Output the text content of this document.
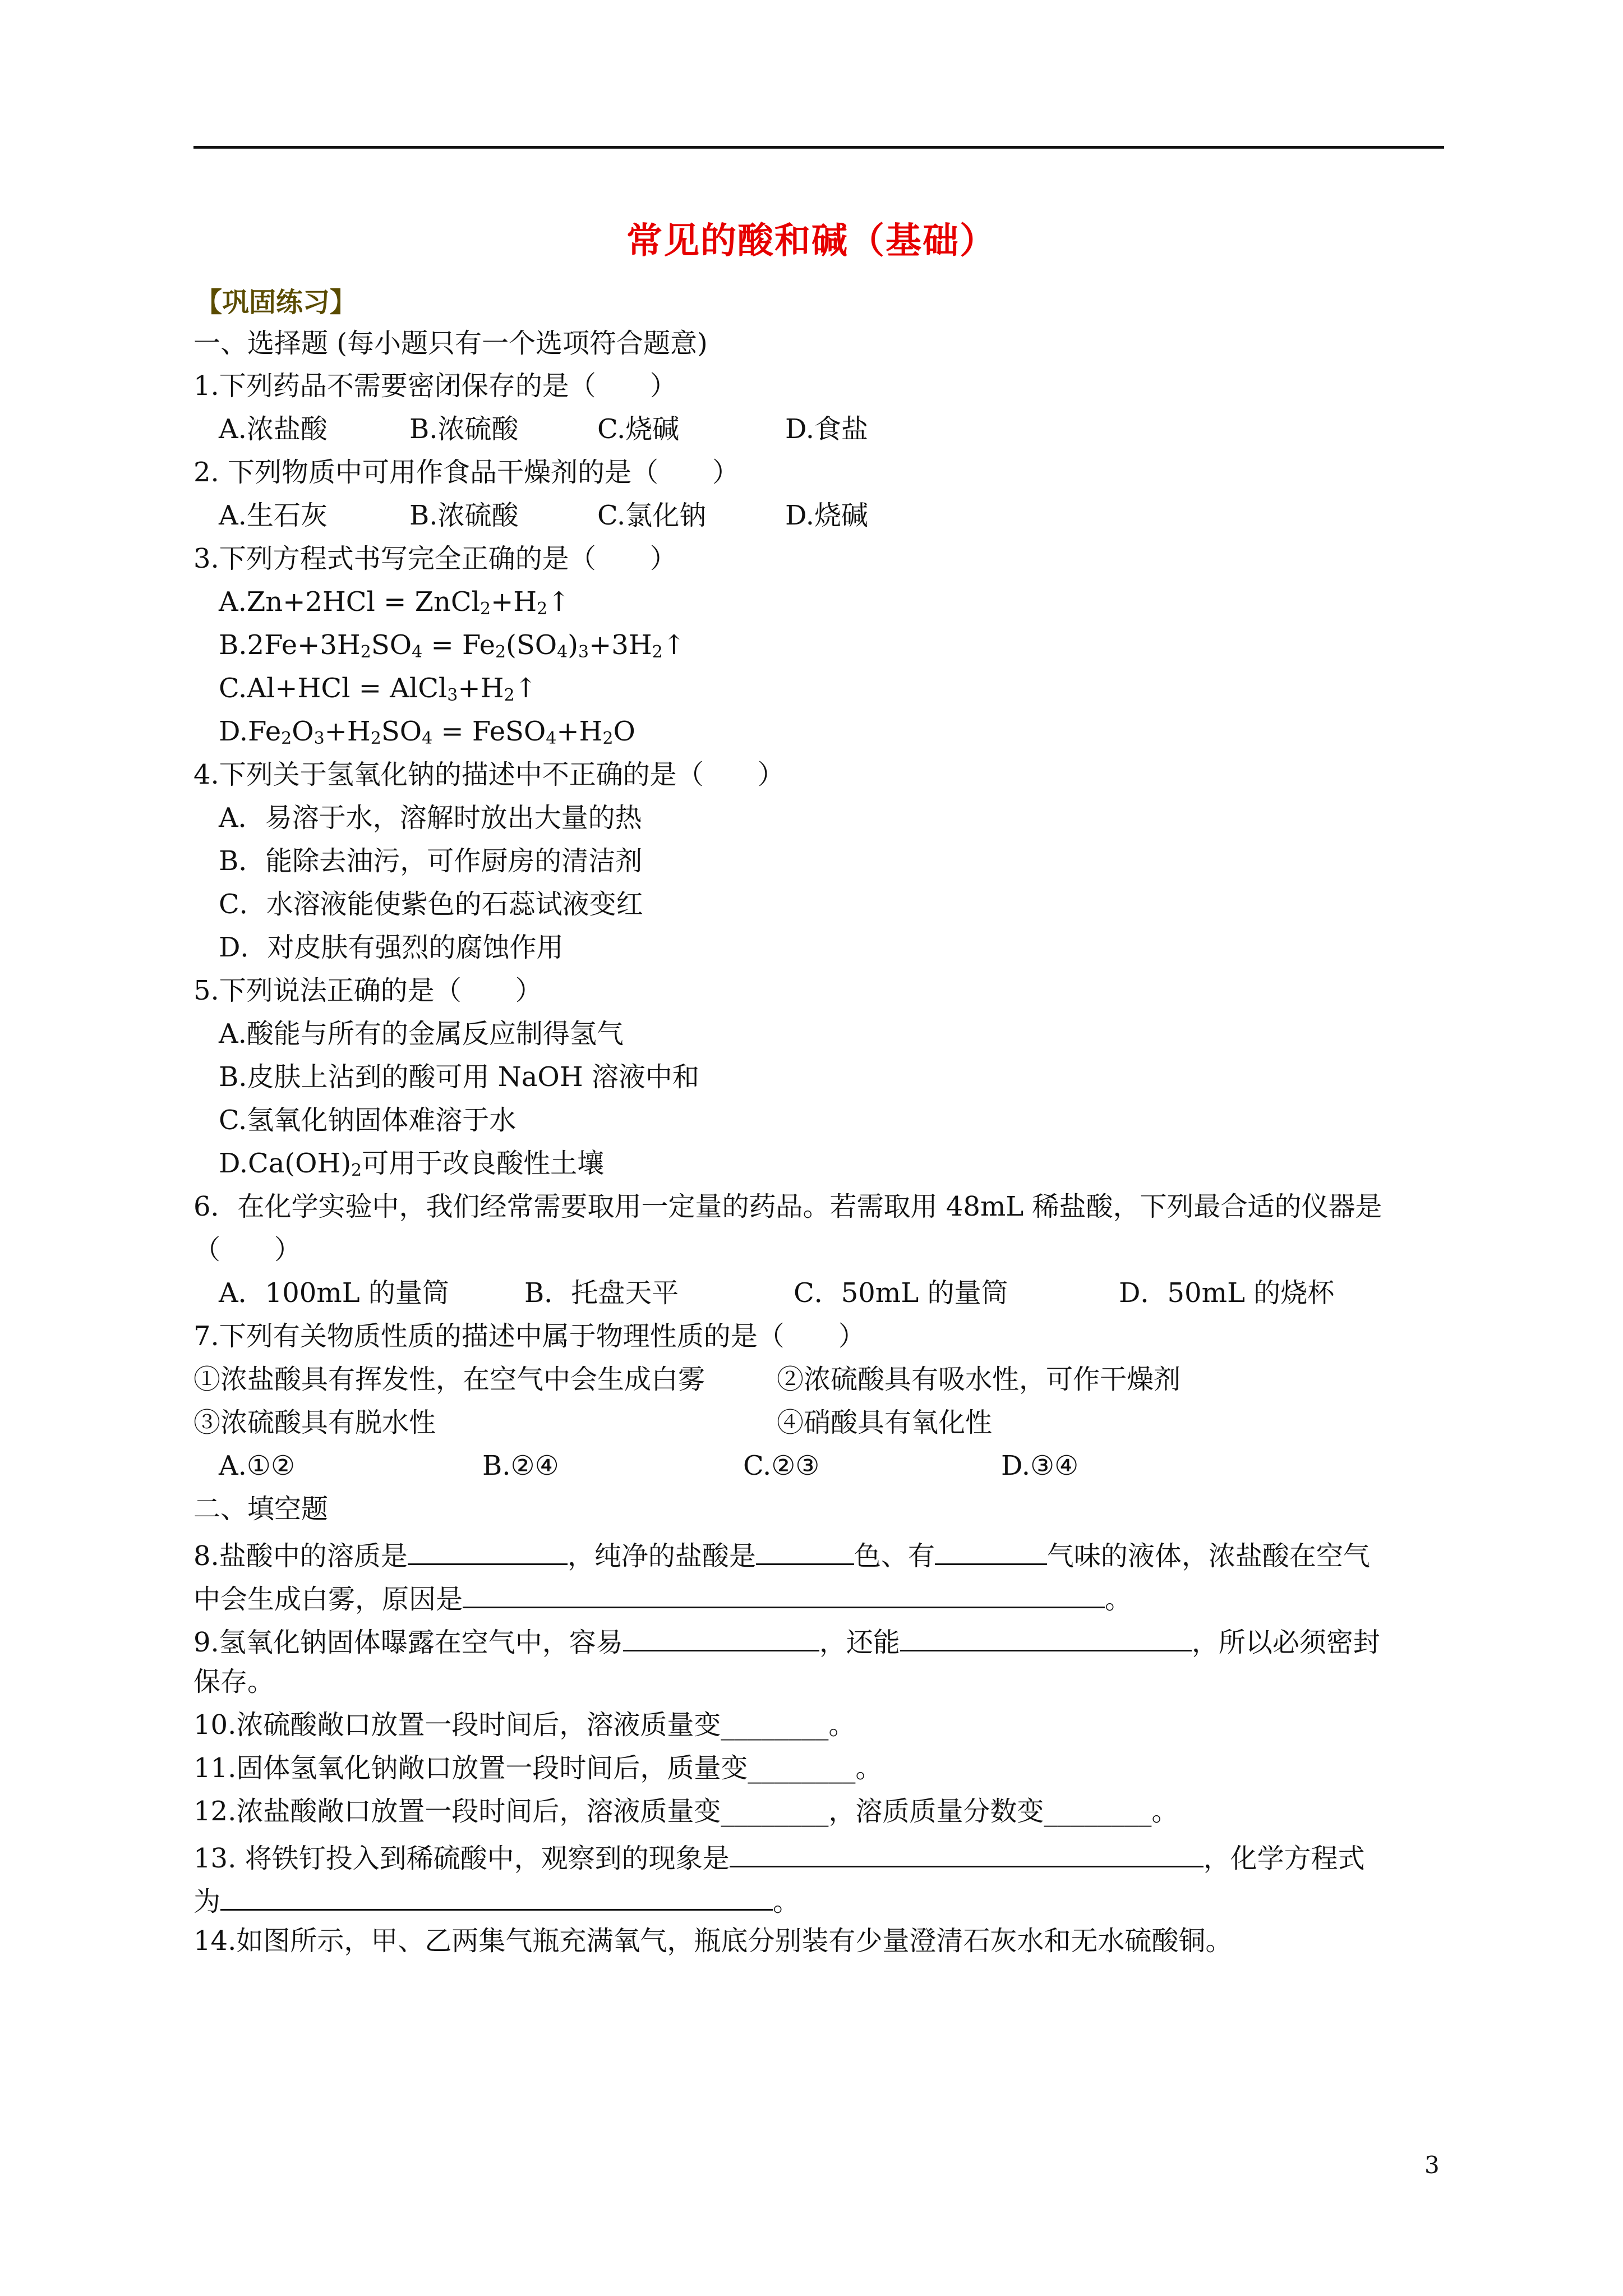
常见的酸和碱（基础）
【巩固练习】
一、选择题 (每小题只有一个选项符合题意)
1.下列药品不需要密闭保存的是（　　）
A.浓盐酸	B.浓硫酸	C.烧碱	D.食盐
2. 下列物质中可用作食品干燥剂的是（　　）
A.生石灰	B.浓硫酸	C.氯化钠	D.烧碱
3.下列方程式书写完全正确的是（　　）
$A.Zn+2HCl = ZnCl_2+H_2↑$
$B.2Fe+3H_2SO_4$ = $Fe_2(SO_4)_3+3H_2↑$
$C.Al+HCl = AlCl_3+H_2↑$
$D.Fe_2O_3+H_2SO_4$ = $FeSO_4+H_2O$
4.下列关于氢氧化钠的描述中不正确的是（　　）
A．易溶于水，溶解时放出大量的热
B．能除去油污，可作厨房的清洁剂
C．水溶液能使紫色的石蕊试液变红
D．对皮肤有强烈的腐蚀作用
5.下列说法正确的是（　　）
A.酸能与所有的金属反应制得氢气
B.皮肤上沾到的酸可用 NaOH 溶液中和
C.氢氧化钠固体难溶于水
$D.Ca(OH)_2$可用于改良酸性土壤
6．在化学实验中，我们经常需要取用一定量的药品。若需取用 48mL 稀盐酸，下列最合适的仪器是
（　　）
A．100mL 的量筒	B．托盘天平	C．50mL 的量筒	D．50mL 的烧杯
7.下列有关物质性质的描述中属于物理性质的是（　　）
①浓盐酸具有挥发性，在空气中会生成白雾	②浓硫酸具有吸水性，可作干燥剂
③浓硫酸具有脱水性	④硝酸具有氧化性
A.①②	B.②④	C.②③	D.③④
二、填空题
8.盐酸中的溶质是	，纯净的盐酸是	色、有	气味的液体，浓盐酸在空气
中会生成白雾，原因是	。
9.氢氧化钠固体曝露在空气中，容易	，还能	，所以必须密封
保存。
10.浓硫酸敞口放置一段时间后，溶液质量变________。
11.固体氢氧化钠敞口放置一段时间后，质量变________。
12.浓盐酸敞口放置一段时间后，溶液质量变________，溶质质量分数变________。
13. 将铁钉投入到稀硫酸中，观察到的现象是	，化学方程式
为	。
14.如图所示，甲、乙两集气瓶充满氧气，瓶底分别装有少量澄清石灰水和无水硫酸铜。
3
